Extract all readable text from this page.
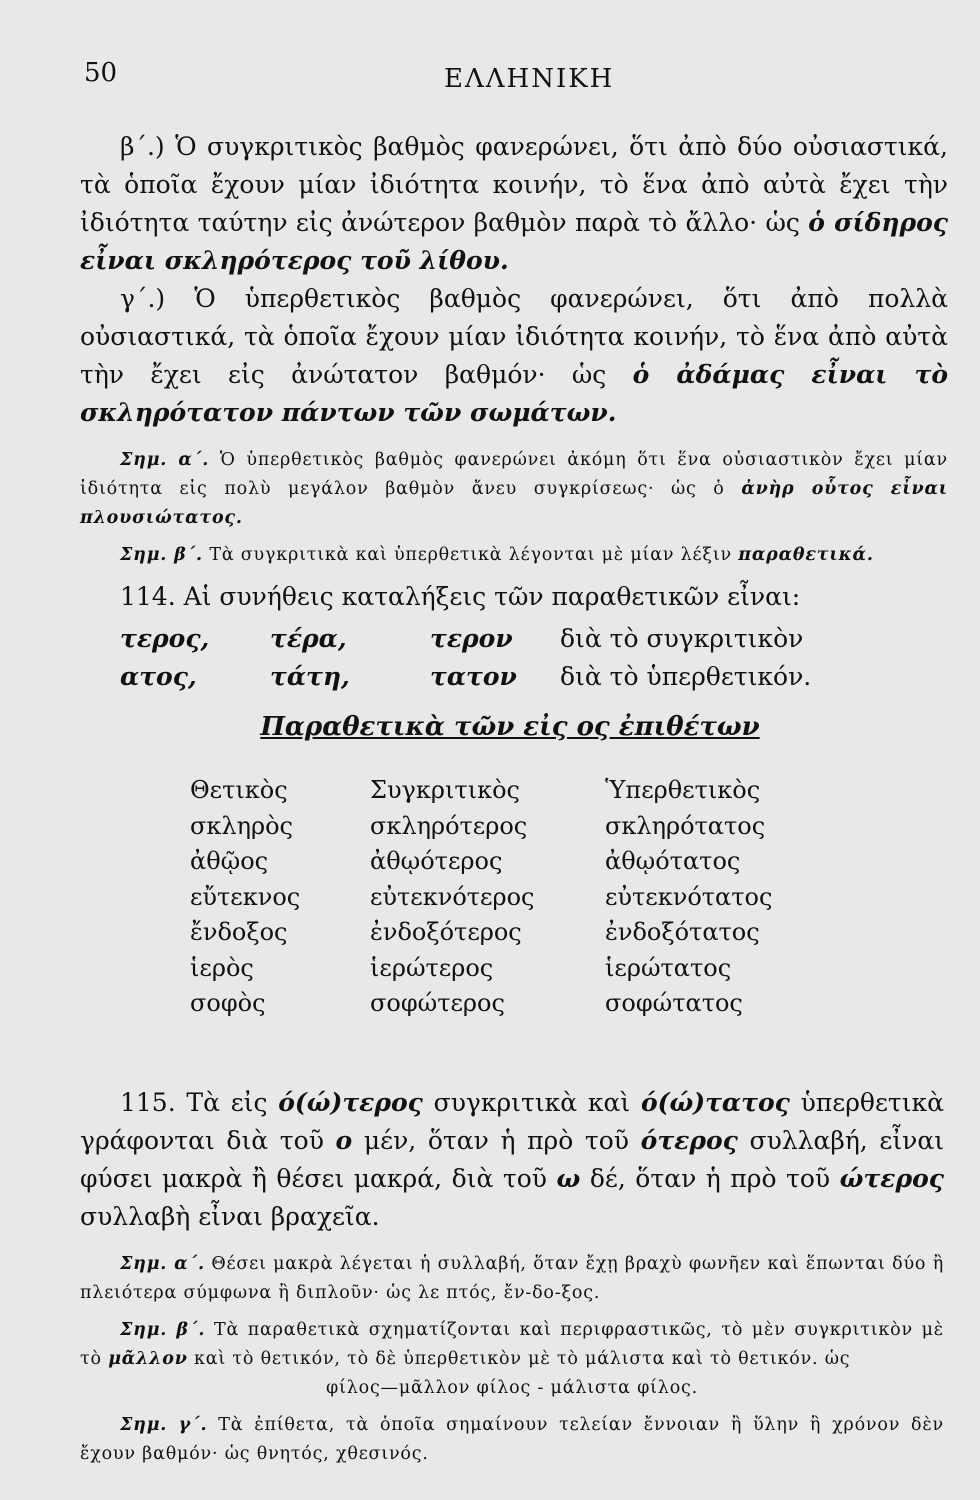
50	ΕΛΛΗΝΙΚΗ

β΄.) Ὁ συγκριτικὸς βαθμὸς φανερώνει, ὅτι ἀπὸ δύο οὐσιαστικά, τὰ ὁποῖα ἔχουν μίαν ἰδιότητα κοινήν, τὸ ἕνα ἀπὸ αὐτὰ ἔχει τὴν ἰδιότητα ταύτην εἰς ἀνώτερον βαθμὸν παρὰ τὸ ἄλλο· ὡς ὁ σίδηρος εἶναι σκληρότερος τοῦ λίθου.

γ΄.) Ὁ ὑπερθετικὸς βαθμὸς φανερώνει, ὅτι ἀπὸ πολλὰ οὐσιαστικά, τὰ ὁποῖα ἔχουν μίαν ἰδιότητα κοινήν, τὸ ἕνα ἀπὸ αὐτὰ τὴν ἔχει εἰς ἀνώτατον βαθμόν· ὡς ὁ ἀδάμας εἶναι τὸ σκληρότατον πάντων τῶν σωμάτων.

Σημ. α΄. Ὁ ὑπερθετικὸς βαθμὸς φανερώνει ἀκόμη ὅτι ἕνα οὐσιαστικὸν ἔχει μίαν ἰδιότητα εἰς πολὺ μεγάλον βαθμὸν ἄνευ συγκρίσεως· ὡς ὁ ἀνὴρ οὗτος εἶναι πλουσιώτατος.

Σημ. β΄. Τὰ συγκριτικὰ καὶ ὑπερθετικὰ λέγονται μὲ μίαν λέξιν παραθετικά.

114. Αἱ συνήθεις καταλήξεις τῶν παραθετικῶν εἶναι:

τερος,	τέρα,	τερον	διὰ τὸ συγκριτικὸν
ατος,	τάτη,	τατον	διὰ τὸ ὑπερθετικόν.
Παραθετικὰ τῶν εἰς ος ἐπιθέτων
Θετικὸς	Συγκριτικὸς	Ὑπερθετικὸς
σκληρὸς	σκληρότερος	σκληρότατος
ἀθῷος	ἀθῳότερος	ἀθῳότατος
εὔτεκνος	εὐτεκνότερος	εὐτεκνότατος
ἔνδοξος	ἐνδοξότερος	ἐνδοξότατος
ἱερὸς	ἱερώτερος	ἱερώτατος
σοφὸς	σοφώτερος	σοφώτατος

115. Τὰ εἰς ό(ώ)τερος συγκριτικὰ καὶ ό(ώ)τατος ὑπερθετικὰ γράφονται διὰ τοῦ ο μέν, ὅταν ἡ πρὸ τοῦ ότερος συλλαβή, εἶναι φύσει μακρὰ ἢ θέσει μακρά, διὰ τοῦ ω δέ, ὅταν ἡ πρὸ τοῦ ώτερος συλλαβὴ εἶναι βραχεῖα.

Σημ. α΄. Θέσει μακρὰ λέγεται ἡ συλλαβή, ὅταν ἔχῃ βραχὺ φωνῆεν καὶ ἕπωνται δύο ἢ πλειότερα σύμφωνα ἢ διπλοῦν· ὡς λε πτός, ἔν-δο-ξος.

Σημ. β΄. Τὰ παραθετικὰ σχηματίζονται καὶ περιφραστικῶς, τὸ μὲν συγκριτικὸν μὲ τὸ μᾶλλον καὶ τὸ θετικόν, τὸ δὲ ὑπερθετικὸν μὲ τὸ μάλιστα καὶ τὸ θετικόν. ὡς

φίλος—μᾶλλον φίλος - μάλιστα φίλος.

Σημ. γ΄. Τὰ ἐπίθετα, τὰ ὁποῖα σημαίνουν τελείαν ἔννοιαν ἢ ὕλην ἢ χρόνον δὲν ἔχουν βαθμόν· ὡς θνητός, χθεσινός.
